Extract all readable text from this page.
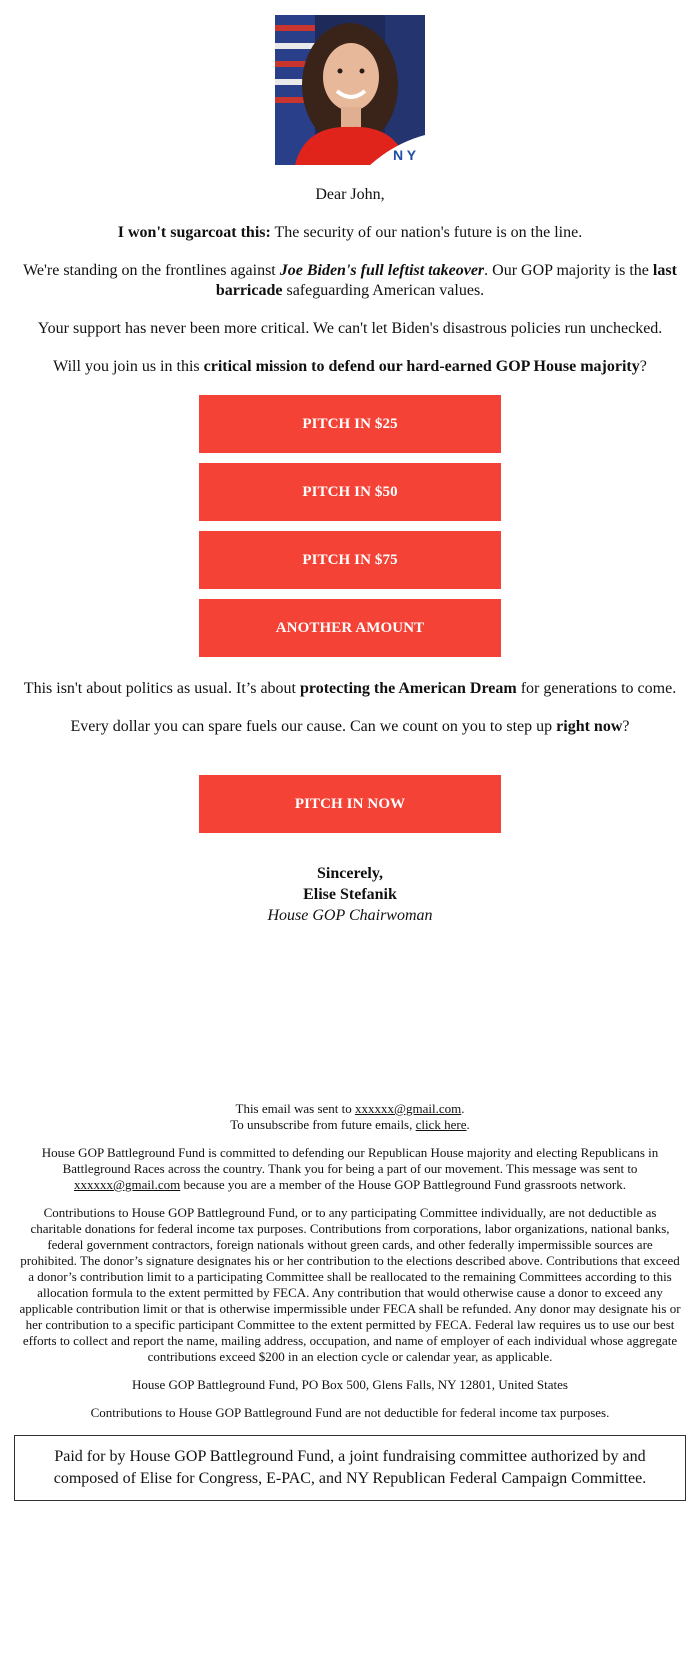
N Y

Dear John,

I won't sugarcoat this: The security of our nation's future is on the line.

We're standing on the frontlines against Joe Biden's full leftist takeover. Our GOP majority is the last barricade safeguarding American values.

Your support has never been more critical. We can't let Biden's disastrous policies run unchecked.

Will you join us in this critical mission to defend our hard-earned GOP House majority?

PITCH IN $25
PITCH IN $50
PITCH IN $75
ANOTHER AMOUNT

This isn't about politics as usual. It’s about protecting the American Dream for generations to come.

Every dollar you can spare fuels our cause. Can we count on you to step up right now?

PITCH IN NOW
Sincerely,
Elise Stefanik
House GOP Chairwoman

This email was sent to xxxxxx@gmail.com.

To unsubscribe from future emails, click here.

House GOP Battleground Fund is committed to defending our Republican House majority and electing Republicans in Battleground Races across the country. Thank you for being a part of our movement. This message was sent to xxxxxx@gmail.com because you are a member of the House GOP Battleground Fund grassroots network.

Contributions to House GOP Battleground Fund, or to any participating Committee individually, are not deductible as charitable donations for federal income tax purposes. Contributions from corporations, labor organizations, national banks, federal government contractors, foreign nationals without green cards, and other federally impermissible sources are prohibited. The donor’s signature designates his or her contribution to the elections described above. Contributions that exceed a donor’s contribution limit to a participating Committee shall be reallocated to the remaining Committees according to this allocation formula to the extent permitted by FECA. Any contribution that would otherwise cause a donor to exceed any applicable contribution limit or that is otherwise impermissible under FECA shall be refunded. Any donor may designate his or her contribution to a specific participant Committee to the extent permitted by FECA. Federal law requires us to use our best efforts to collect and report the name, mailing address, occupation, and name of employer of each individual whose aggregate contributions exceed $200 in an election cycle or calendar year, as applicable.

House GOP Battleground Fund, PO Box 500, Glens Falls, NY 12801, United States

Contributions to House GOP Battleground Fund are not deductible for federal income tax purposes.

Paid for by House GOP Battleground Fund, a joint fundraising committee authorized by and composed of Elise for Congress, E-PAC, and NY Republican Federal Campaign Committee.
